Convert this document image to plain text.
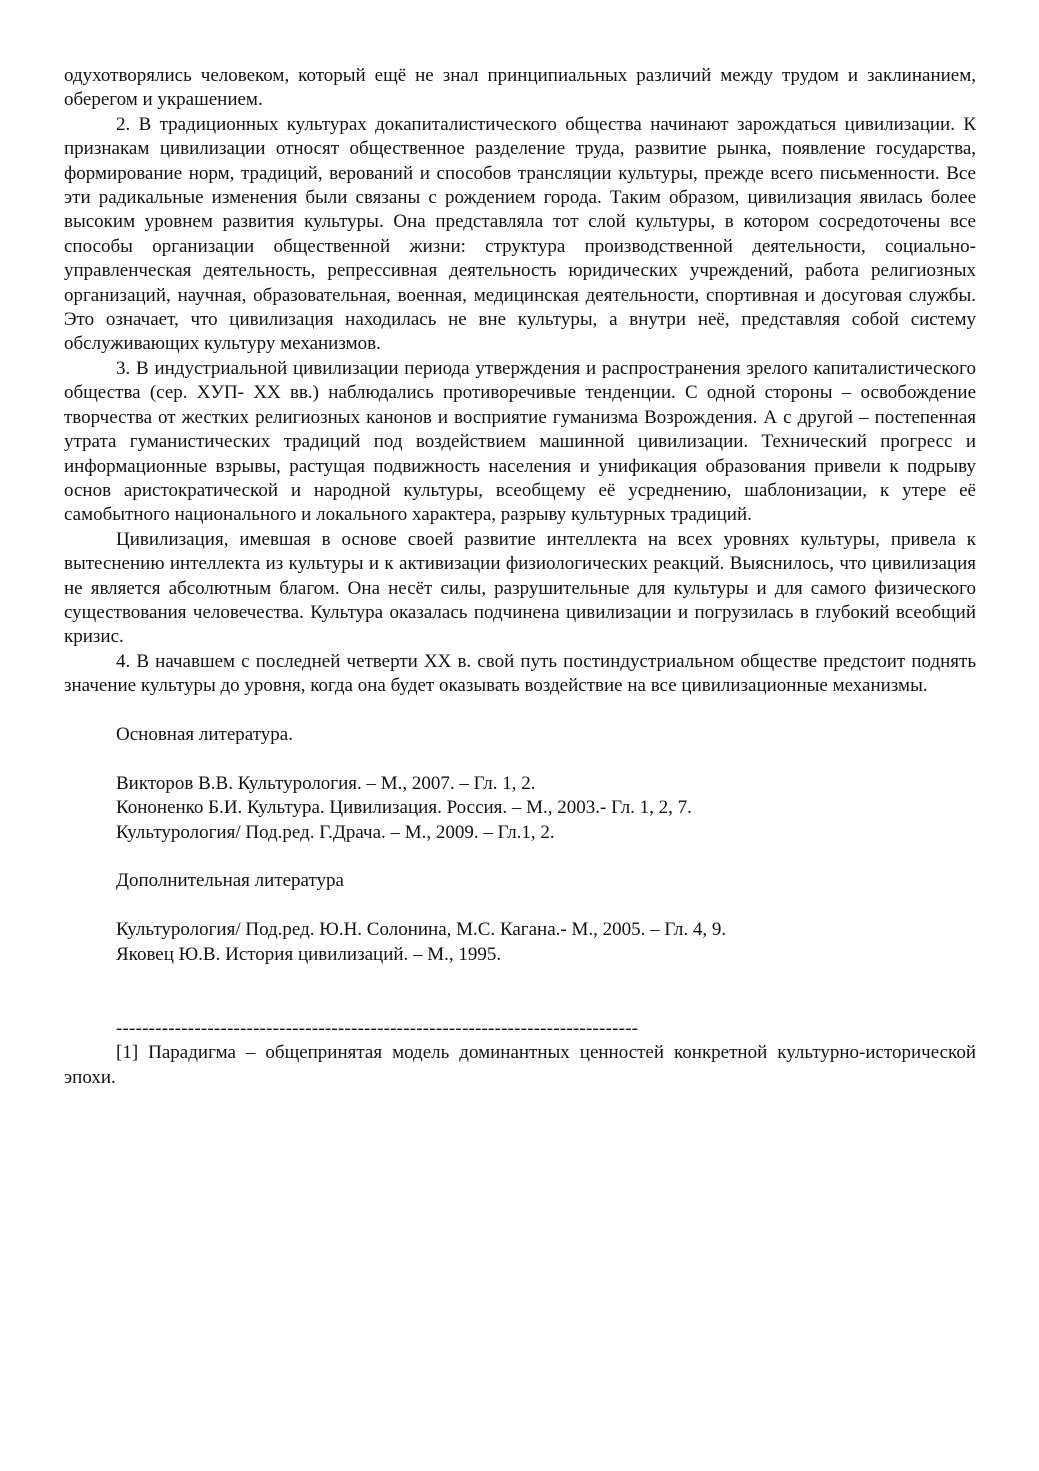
одухотворялись человеком, который ещё не знал принципиальных различий между трудом и заклинанием, оберегом и украшением.

2. В традиционных культурах докапиталистического общества начинают зарождаться цивилизации. К признакам цивилизации относят общественное разделение труда, развитие рынка, появление государства, формирование норм, традиций, верований и способов трансляции культуры, прежде всего письменности. Все эти радикальные изменения были связаны с рождением города. Таким образом, цивилизация явилась более высоким уровнем развития культуры. Она представляла тот слой культуры, в котором сосредоточены все способы организации общественной жизни: структура производственной деятельности, социально-управленческая деятельность, репрессивная деятельность юридических учреждений, работа религиозных организаций, научная, образовательная, военная, медицинская деятельности, спортивная и досуговая службы. Это означает, что цивилизация находилась не вне культуры, а внутри неё, представляя собой систему обслуживающих культуру механизмов.

3. В индустриальной цивилизации периода утверждения и распространения зрелого капиталистического общества (сер. ХУП- XX вв.) наблюдались противоречивые тенденции. С одной стороны – освобождение творчества от жестких религиозных канонов и восприятие гуманизма Возрождения. А с другой – постепенная утрата гуманистических традиций под воздействием машинной цивилизации. Технический прогресс и информационные взрывы, растущая подвижность населения и унификация образования привели к подрыву основ аристократической и народной культуры, всеобщему её усреднению, шаблонизации, к утере её самобытного национального и локального характера, разрыву культурных традиций.

Цивилизация, имевшая в основе своей развитие интеллекта на всех уровнях культуры, привела к вытеснению интеллекта из культуры и к активизации физиологических реакций. Выяснилось, что цивилизация не является абсолютным благом. Она несёт силы, разрушительные для культуры и для самого физического существования человечества. Культура оказалась подчинена цивилизации и погрузилась в глубокий всеобщий кризис.

4. В начавшем с последней четверти XX в. свой путь постиндустриальном обществе предстоит поднять значение культуры до уровня, когда она будет оказывать воздействие на все цивилизационные механизмы.

Основная литература.

Викторов В.В. Культурология. – М., 2007. – Гл. 1, 2.

Кононенко Б.И. Культура. Цивилизация. Россия. – М., 2003.- Гл. 1, 2, 7.

Культурология/ Под.ред. Г.Драча. – М., 2009. – Гл.1, 2.

Дополнительная литература

Культурология/ Под.ред. Ю.Н. Солонина, М.С. Кагана.- М., 2005. – Гл. 4, 9.

Яковец Ю.В. История цивилизаций. – М., 1995.

--------------------------------------------------------------------------------

[1] Парадигма – общепринятая модель доминантных ценностей конкретной культурно-исторической эпохи.
